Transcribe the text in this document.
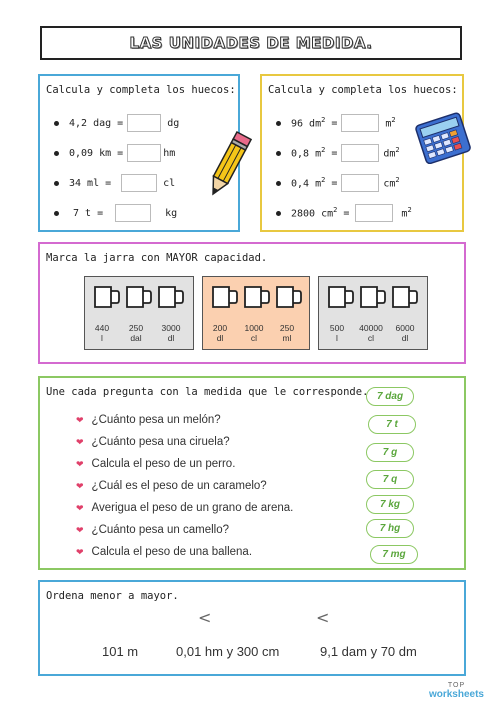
LAS UNIDADES DE MEDIDA.
Calcula y completa los huecos:
4,2 dag =	dg
0,09 km =	hm
34 ml =	cl
7 t =	kg
Calcula y completa los huecos:
96 $dm^2$ =	$m^2$
0,8 $m^2$ =	$dm^2$
0,4 $m^2$ =	$cm^2$
2800 $cm^2$ =	$m^2$
Marca la jarra con MAYOR capacidad.
440
l
250
dal
3000
dl
200
dl
1000
cl
250
ml
500
l
40000
cl
6000
dl
Une cada pregunta con la medida que le corresponde.
❤ ¿Cuánto pesa un melón?
❤ ¿Cuánto pesa una ciruela?
❤ Calcula el peso de un perro.
❤ ¿Cuál es el peso de un caramelo?
❤ Averigua el peso de un grano de arena.
❤ ¿Cuánto pesa un camello?
❤ Calcula el peso de una ballena.
7 dag
7 t
7 g
7 q
7 kg
7 hg
7 mg
Ordena menor a mayor.
<	<
101 m	0,01 hm y 300 cm	9,1 dam y 70 dm
TOP
worksheets
